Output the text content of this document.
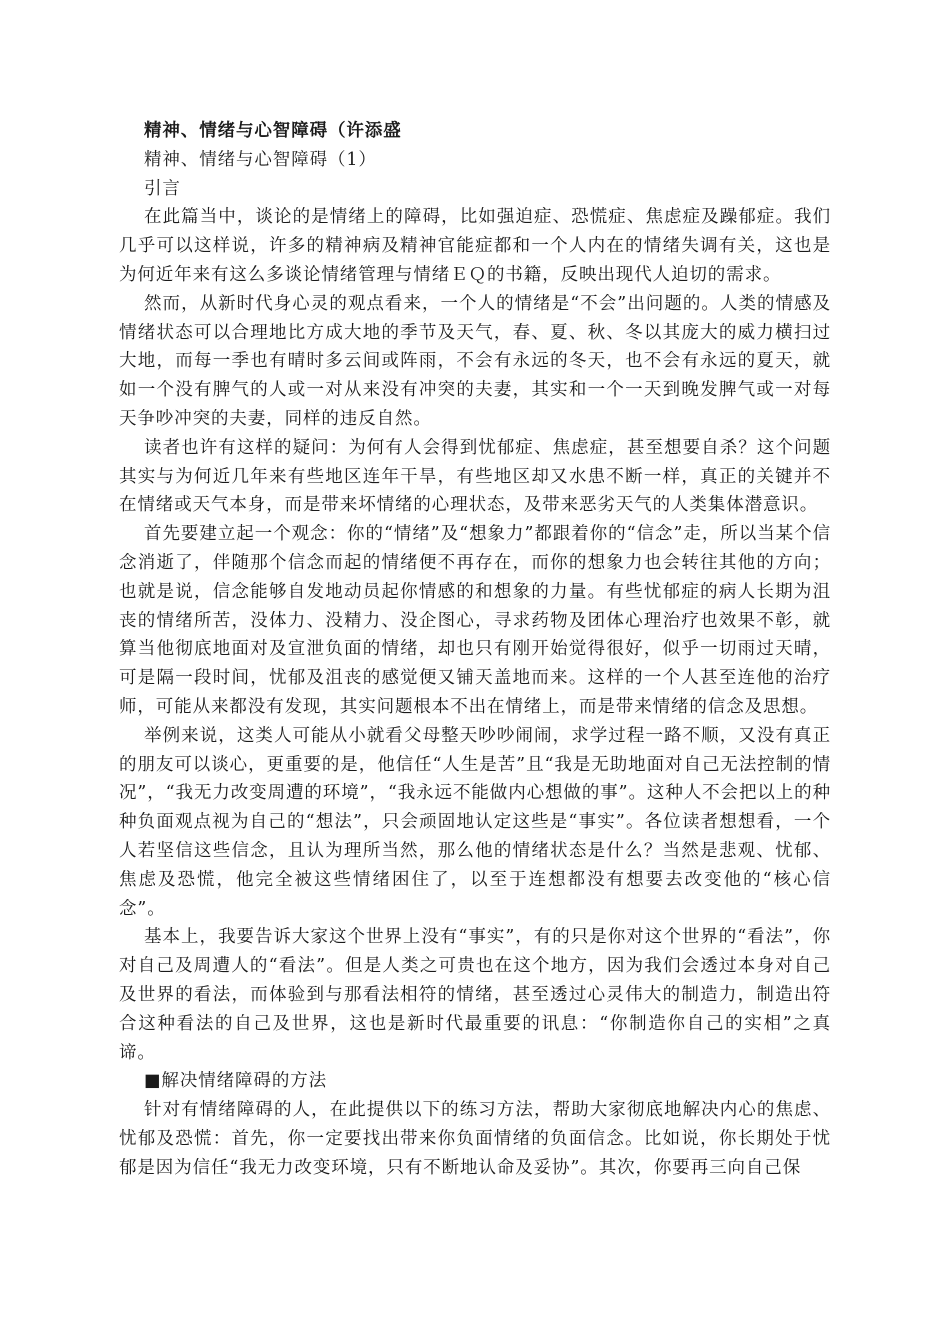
精神、情绪与心智障碍（许添盛
精神、情绪与心智障碍（1）
引言

在此篇当中，谈论的是情绪上的障碍，比如强迫症、恐慌症、焦虑症及躁郁症。我们几乎可以这样说，许多的精神病及精神官能症都和一个人内在的情绪失调有关，这也是为何近年来有这么多谈论情绪管理与情绪ＥＱ的书籍，反映出现代人迫切的需求。

然而，从新时代身心灵的观点看来，一个人的情绪是“不会”出问题的。人类的情感及情绪状态可以合理地比方成大地的季节及天气，春、夏、秋、冬以其庞大的威力横扫过大地，而每一季也有晴时多云间或阵雨，不会有永远的冬天，也不会有永远的夏天，就如一个没有脾气的人或一对从来没有冲突的夫妻，其实和一个一天到晚发脾气或一对每天争吵冲突的夫妻，同样的违反自然。

读者也许有这样的疑问：为何有人会得到忧郁症、焦虑症，甚至想要自杀？这个问题其实与为何近几年来有些地区连年干旱，有些地区却又水患不断一样，真正的关键并不在情绪或天气本身，而是带来坏情绪的心理状态，及带来恶劣天气的人类集体潜意识。

首先要建立起一个观念：你的“情绪”及“想象力”都跟着你的“信念”走，所以当某个信念消逝了，伴随那个信念而起的情绪便不再存在，而你的想象力也会转往其他的方向；也就是说，信念能够自发地动员起你情感的和想象的力量。有些忧郁症的病人长期为沮丧的情绪所苦，没体力、没精力、没企图心，寻求药物及团体心理治疗也效果不彰，就算当他彻底地面对及宣泄负面的情绪，却也只有刚开始觉得很好，似乎一切雨过天晴，可是隔一段时间，忧郁及沮丧的感觉便又铺天盖地而来。这样的一个人甚至连他的治疗师，可能从来都没有发现，其实问题根本不出在情绪上，而是带来情绪的信念及思想。

举例来说，这类人可能从小就看父母整天吵吵闹闹，求学过程一路不顺，又没有真正的朋友可以谈心，更重要的是，他信任“人生是苦”且“我是无助地面对自己无法控制的情况”，“我无力改变周遭的环境”，“我永远不能做内心想做的事”。这种人不会把以上的种种负面观点视为自己的“想法”，只会顽固地认定这些是“事实”。各位读者想想看，一个人若坚信这些信念，且认为理所当然，那么他的情绪状态是什么？当然是悲观、忧郁、焦虑及恐慌，他完全被这些情绪困住了，以至于连想都没有想要去改变他的“核心信念”。

基本上，我要告诉大家这个世界上没有“事实”，有的只是你对这个世界的“看法”，你对自己及周遭人的“看法”。但是人类之可贵也在这个地方，因为我们会透过本身对自己及世界的看法，而体验到与那看法相符的情绪，甚至透过心灵伟大的制造力，制造出符合这种看法的自己及世界，这也是新时代最重要的讯息：“你制造你自己的实相”之真谛。

■解决情绪障碍的方法

针对有情绪障碍的人，在此提供以下的练习方法，帮助大家彻底地解决内心的焦虑、忧郁及恐慌：首先，你一定要找出带来你负面情绪的负面信念。比如说，你长期处于忧郁是因为信任“我无力改变环境，只有不断地认命及妥协”。其次，你要再三向自己保
